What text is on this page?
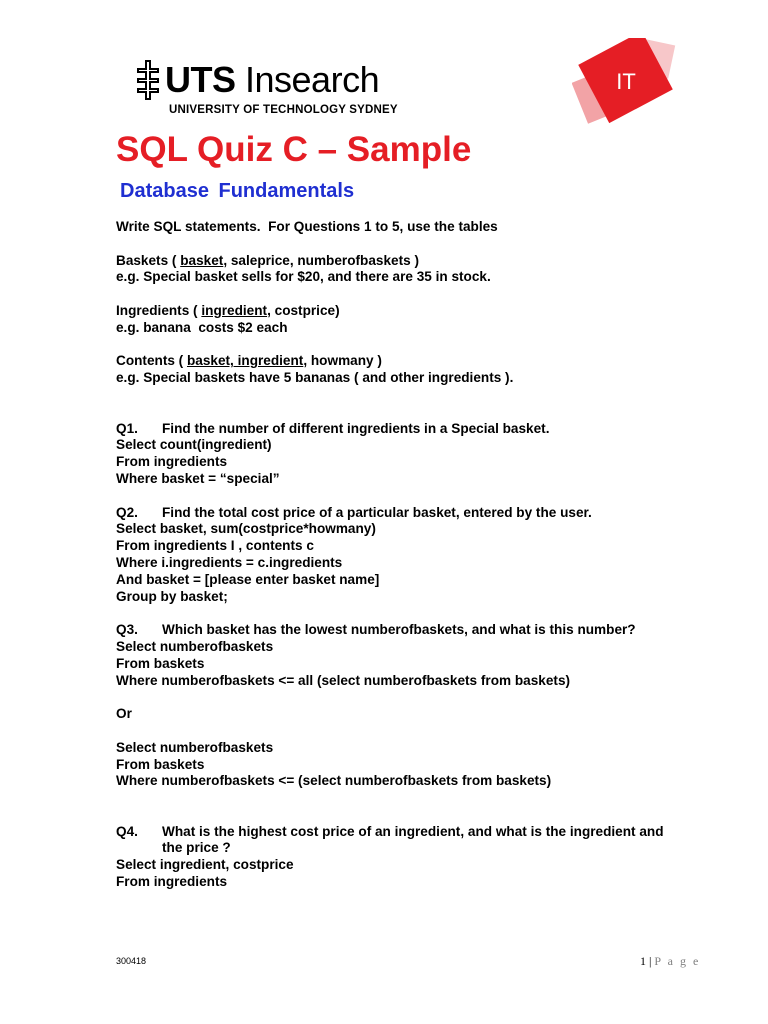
UTS Insearch
UNIVERSITY OF TECHNOLOGY SYDNEY
IT
SQL Quiz C – Sample
Database Fundamentals
Write SQL statements.  For Questions 1 to 5, use the tables
Baskets ( basket, saleprice, numberofbaskets )
e.g. Special basket sells for $20, and there are 35 in stock.
Ingredients ( ingredient, costprice)
e.g. banana  costs $2 each
Contents ( basket, ingredient, howmany )
e.g. Special baskets have 5 bananas ( and other ingredients ).
Q1.	Find the number of different ingredients in a Special basket.
Select count(ingredient)
From ingredients
Where basket = “special”
Q2.	Find the total cost price of a particular basket, entered by the user.
Select basket, sum(costprice*howmany)
From ingredients I , contents c
Where i.ingredients = c.ingredients
And basket = [please enter basket name]
Group by basket;
Q3.	Which basket has the lowest numberofbaskets, and what is this number?
Select numberofbaskets
From baskets
Where numberofbaskets <= all (select numberofbaskets from baskets)
Or
Select numberofbaskets
From baskets
Where numberofbaskets <= (select numberofbaskets from baskets)
Q4.	What is the highest cost price of an ingredient, and what is the ingredient and the price ?
Select ingredient, costprice
From ingredients
300418	1 | P a g e
